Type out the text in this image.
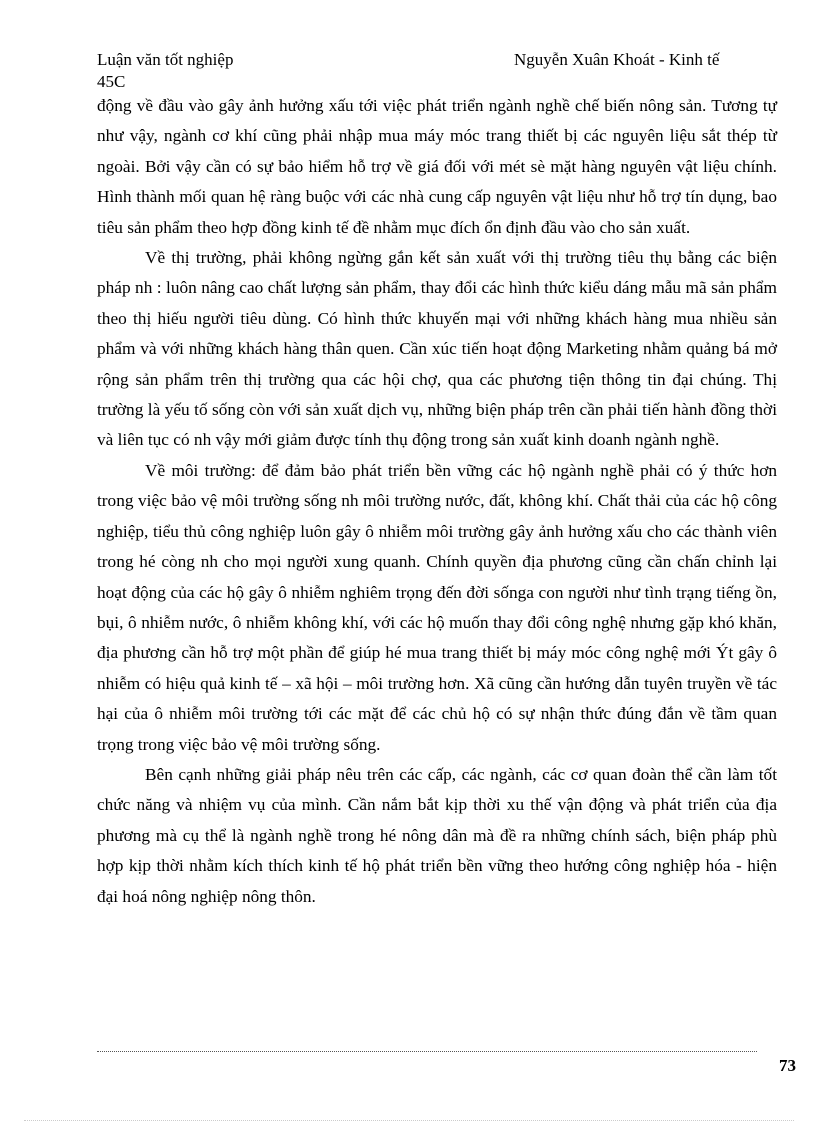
Luận văn tốt nghiệp	Nguyễn Xuân Khoát - Kinh tế
45C

động về đầu vào gây ảnh hưởng xấu tới việc phát triển ngành nghề chế biến nông sản. Tương tự như vậy, ngành cơ khí cũng phải nhập mua máy móc trang thiết bị các nguyên liệu sắt thép từ ngoài. Bởi vậy cần có sự bảo hiểm hỗ trợ về giá đối với mét sè mặt hàng nguyên vật liệu chính. Hình thành mối quan hệ ràng buộc với các nhà cung cấp nguyên vật liệu như hỗ trợ tín dụng, bao tiêu sản phẩm theo hợp đồng kinh tế đề nhằm mục đích ổn định đầu vào cho sản xuất.

Về thị trường, phải không ngừng gắn kết sản xuất với thị trường tiêu thụ bằng các biện pháp nh : luôn nâng cao chất lượng sản phẩm, thay đổi các hình thức kiểu dáng mẫu mã sản phẩm theo thị hiếu người tiêu dùng. Có hình thức khuyến mại với những khách hàng mua nhiều sản phẩm và với những khách hàng thân quen. Cần xúc tiến hoạt động Marketing nhằm quảng bá mở rộng sản phẩm trên thị trường qua các hội chợ, qua các phương tiện thông tin đại chúng. Thị trường là yếu tố sống còn với sản xuất dịch vụ, những biện pháp trên cần phải tiến hành đồng thời và liên tục có nh vậy mới giảm được tính thụ động trong sản xuất kinh doanh ngành nghề.

Về môi trường: để đảm bảo phát triển bền vững các hộ ngành nghề phải có ý thức hơn trong việc bảo vệ môi trường sống nh môi trường nước, đất, không khí. Chất thải của các hộ công nghiệp, tiểu thủ công nghiệp luôn gây ô nhiễm môi trường gây ảnh hưởng xấu cho các thành viên trong hé còng nh cho mọi người xung quanh. Chính quyền địa phương cũng cần chấn chỉnh lại hoạt động của các hộ gây ô nhiễm nghiêm trọng đến đời sốnga con người như tình trạng tiếng ồn, bụi, ô nhiễm nước, ô nhiễm không khí, với các hộ muốn thay đổi công nghệ nhưng gặp khó khăn, địa phương cần hỗ trợ một phần để giúp hé mua trang thiết bị máy móc công nghệ mới Ýt gây ô nhiễm có hiệu quả kinh tế – xã hội – môi trường hơn. Xã cũng cần hướng dẫn tuyên truyền về tác hại của ô nhiễm môi trường tới các mặt để các chủ hộ có sự nhận thức đúng đắn về tầm quan trọng trong việc bảo vệ môi trường sống.

Bên cạnh những giải pháp nêu trên các cấp, các ngành, các cơ quan đoàn thể cần làm tốt chức năng và nhiệm vụ của mình. Cần nắm bắt kịp thời xu thế vận động và phát triển của địa phương mà cụ thể là ngành nghề trong hé nông dân mà đề ra những chính sách, biện pháp phù hợp kịp thời nhằm kích thích kinh tế hộ phát triển bền vững theo hướng công nghiệp hóa - hiện đại hoá nông nghiệp nông thôn.

73
